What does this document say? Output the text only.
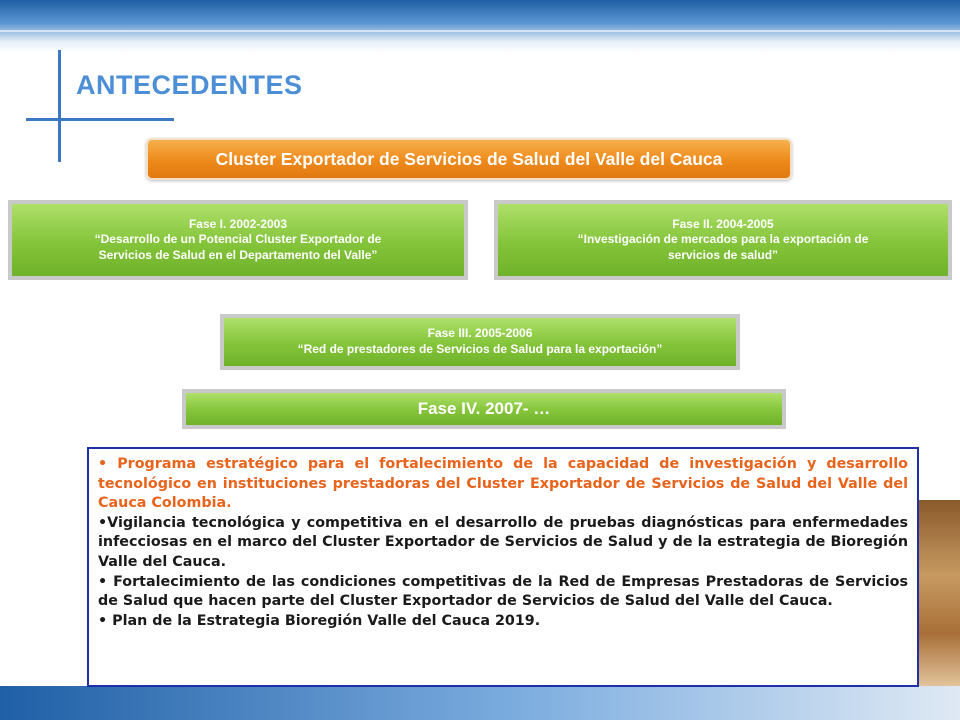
ANTECEDENTES
Cluster Exportador de Servicios de Salud del Valle del Cauca
Fase I. 2002-2003
“Desarrollo de un Potencial Cluster Exportador de
Servicios de Salud en el Departamento del Valle”
Fase II. 2004-2005
“Investigación de mercados para la exportación de
servicios de salud”
Fase III. 2005-2006
“Red de prestadores de Servicios de Salud para la exportación”
Fase IV. 2007- …

• Programa estratégico para el fortalecimiento de la capacidad de investigación y desarrollo tecnológico en instituciones prestadoras del Cluster Exportador de Servicios de Salud del Valle del Cauca Colombia.

•Vigilancia tecnológica y competitiva en el desarrollo de pruebas diagnósticas para enfermedades infecciosas en el marco del Cluster Exportador de Servicios de Salud y de la estrategia de Bioregión Valle del Cauca.

• Fortalecimiento de las condiciones competitivas de la Red de Empresas Prestadoras de Servicios de Salud que hacen parte del Cluster Exportador de Servicios de Salud del Valle del Cauca.

• Plan de la Estrategia Bioregión Valle del Cauca 2019.
